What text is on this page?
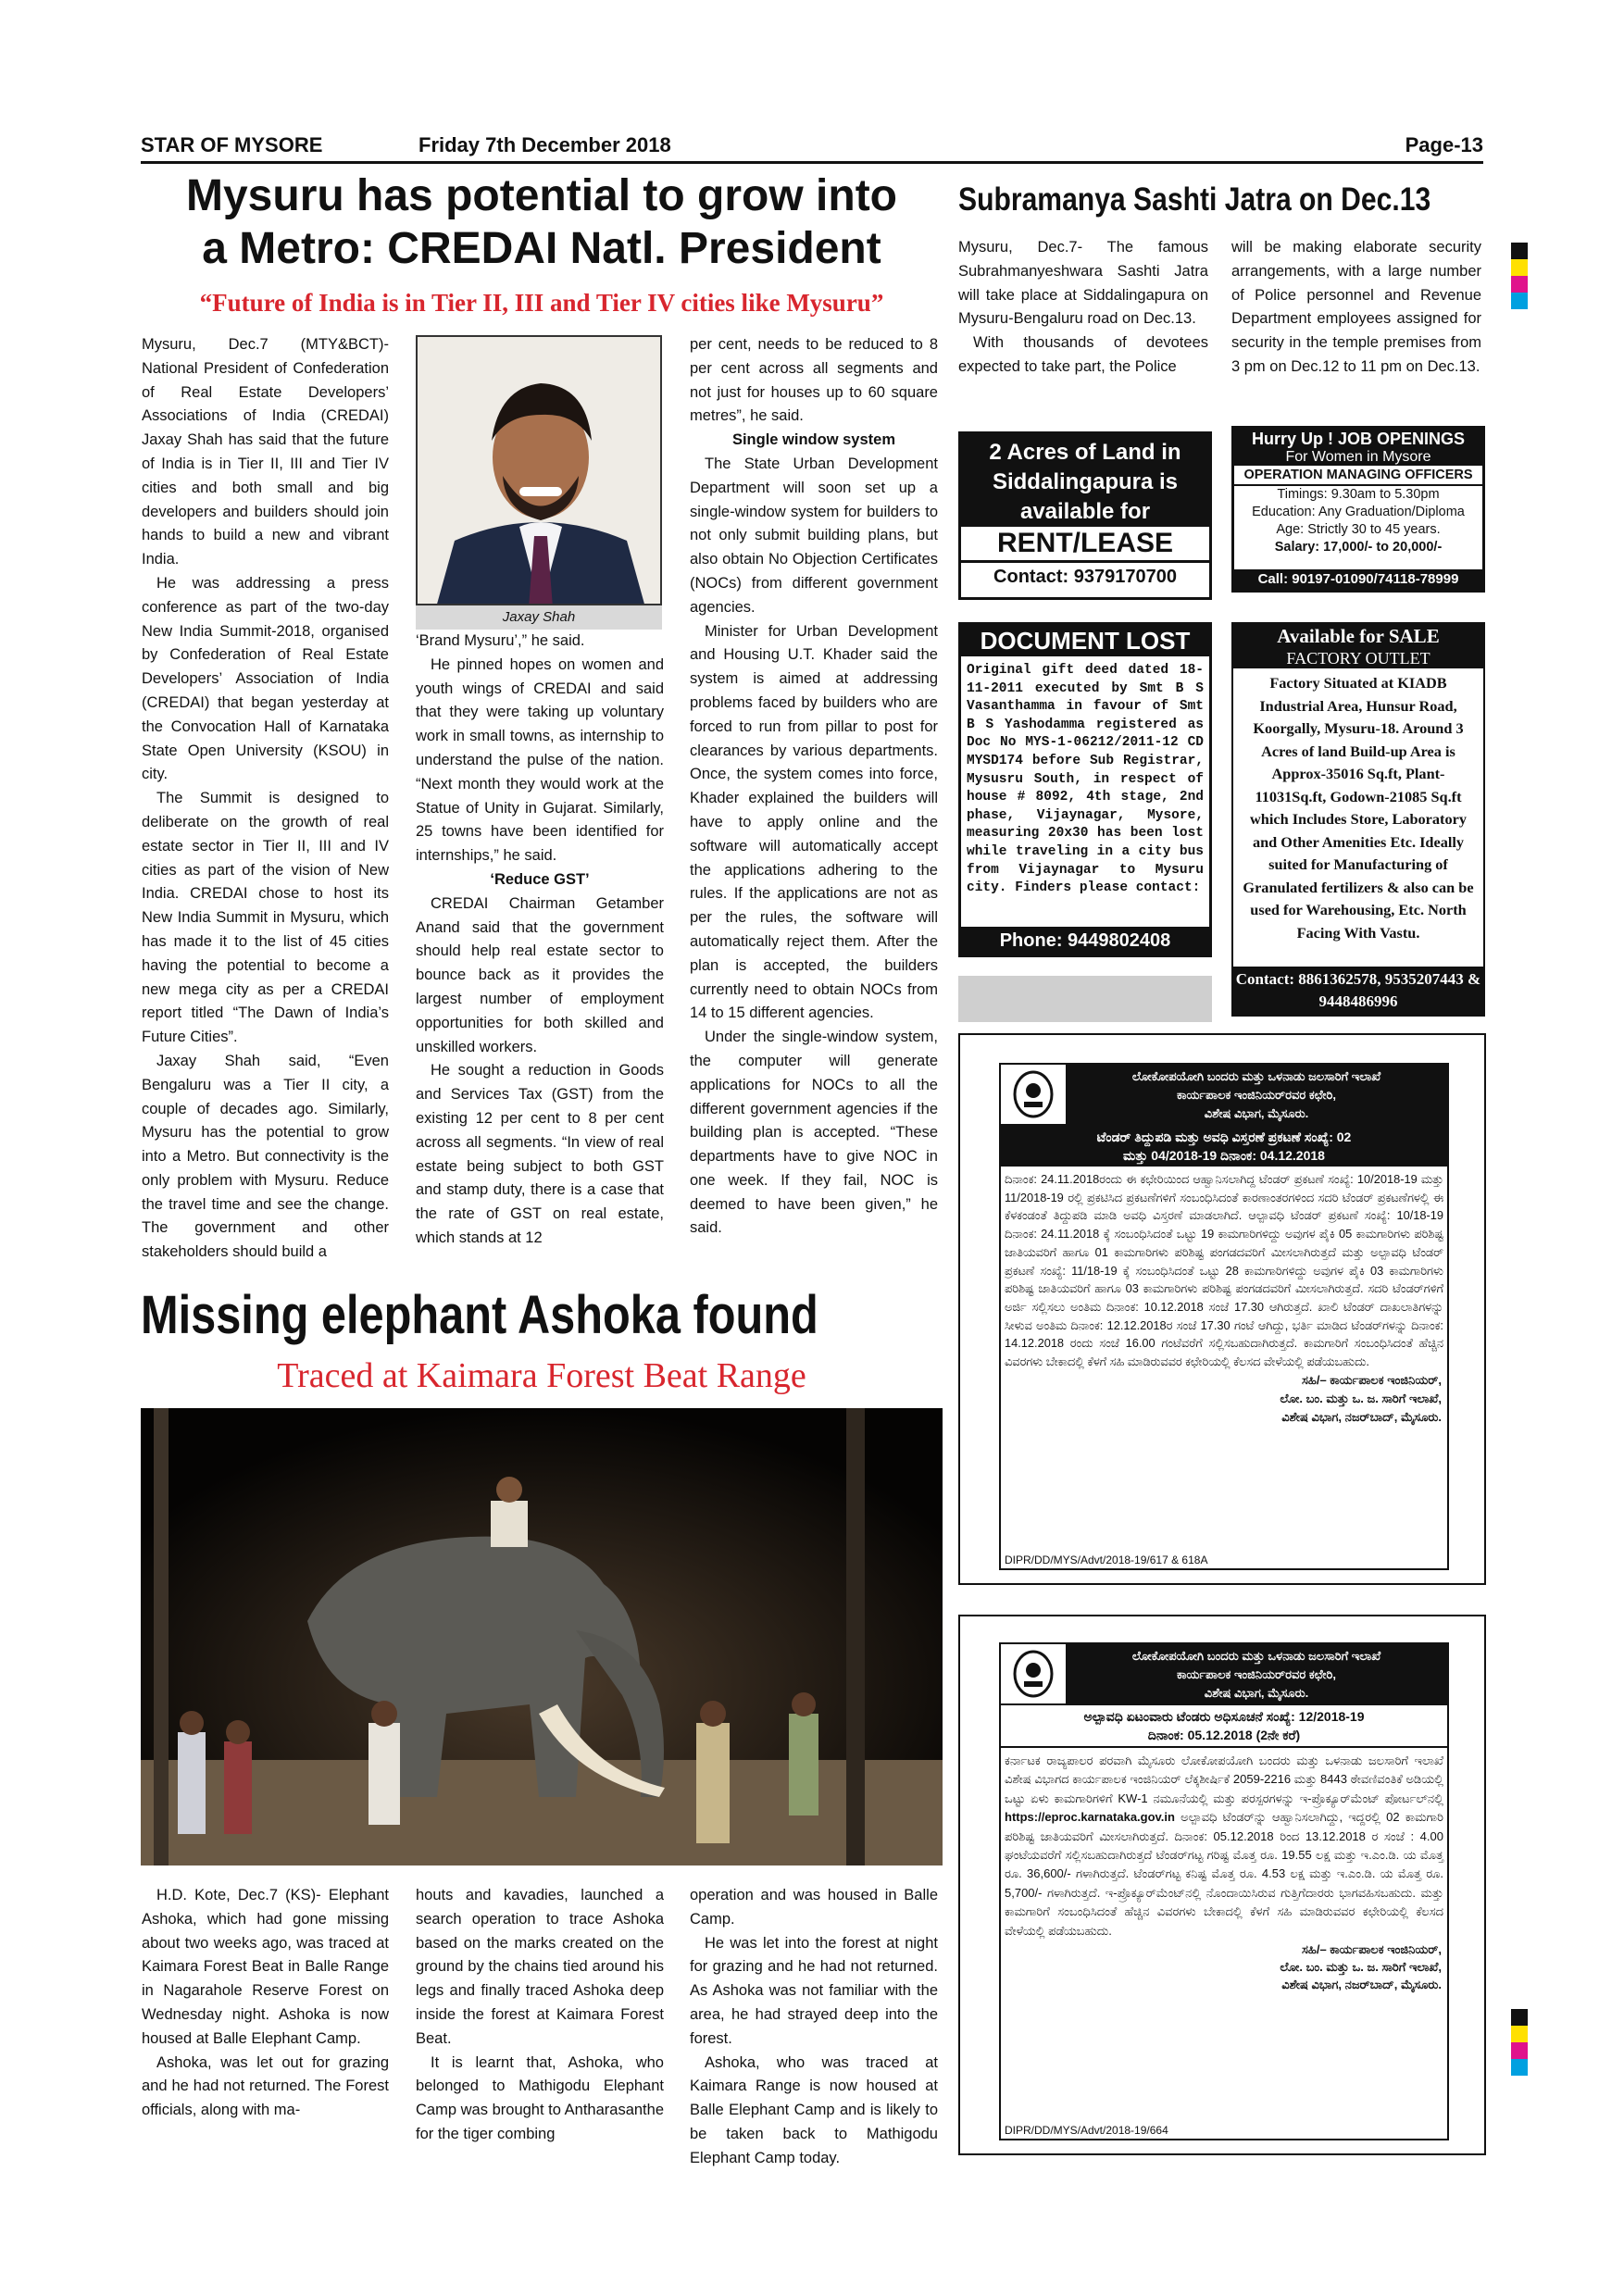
STAR OF MYSORE	Friday 7th December 2018	Page-13
Mysuru has potential to grow into
a Metro: CREDAI Natl. President
“Future of India is in Tier II, III and Tier IV cities like Mysuru”

Mysuru, Dec.7 (MTY&BCT)- National President of Confederation of Real Estate Developers’ Associations of India (CREDAI) Jaxay Shah has said that the future of India is in Tier II, III and Tier IV cities and both small and big developers and builders should join hands to build a new and vibrant India.

He was addressing a press conference as part of the two-day New India Summit-2018, organised by Confederation of Real Estate Developers’ Association of India (CREDAI) that began yesterday at the Convocation Hall of Karnataka State Open University (KSOU) in city.

The Summit is designed to deliberate on the growth of real estate sector in Tier II, III and IV cities as part of the vision of New India. CREDAI chose to host its New India Summit in Mysuru, which has made it to the list of 45 cities having the potential to become a new mega city as per a CREDAI report titled “The Dawn of India’s Future Cities”.

Jaxay Shah said, “Even Bengaluru was a Tier II city, a couple of decades ago. Similarly, Mysuru has the potential to grow into a Metro. But connectivity is the only problem with Mysuru. Reduce the travel time and see the change. The government and other stakeholders should build a

Jaxay Shah

‘Brand Mysuru’,” he said.

He pinned hopes on women and youth wings of CREDAI and said that they were taking up voluntary work in small towns, as internship to understand the pulse of the nation. “Next month they would work at the Statue of Unity in Gujarat. Similarly, 25 towns have been identified for internships,” he said.

‘Reduce GST’

CREDAI Chairman Getamber Anand said that the government should help real estate sector to bounce back as it provides the largest number of employment opportunities for both skilled and unskilled workers.

He sought a reduction in Goods and Services Tax (GST) from the existing 12 per cent to 8 per cent across all segments. “In view of real estate being subject to both GST and stamp duty, there is a case that the rate of GST on real estate, which stands at 12

per cent, needs to be reduced to 8 per cent across all segments and not just for houses up to 60 square metres”, he said.

Single window system

The State Urban Development Department will soon set up a single-window system for builders to not only submit building plans, but also obtain No Objection Certificates (NOCs) from different government agencies.

Minister for Urban Development and Housing U.T. Khader said the system is aimed at addressing problems faced by builders who are forced to run from pillar to post for clearances by various departments. Once, the system comes into force, Khader explained the builders will have to apply online and the software will automatically accept the applications adhering to the rules. If the applications are not as per the rules, the software will automatically reject them. After the plan is accepted, the builders currently need to obtain NOCs from 14 to 15 different agencies.

Under the single-window system, the computer will generate applications for NOCs to all the different government agencies if the building plan is accepted. “These departments have to give NOC in one week. If they fail, NOC is deemed to have been given,” he said.

Subramanya Sashti Jatra on Dec.13

Mysuru, Dec.7- The famous Subrahmanyeshwara Sashti Jatra will take place at Siddalingapura on Mysuru-Bengaluru road on Dec.13.

With thousands of devotees expected to take part, the Police

will be making elaborate security arrangements, with a large number of Police personnel and Revenue Department employees assigned for security in the temple premises from 3 pm on Dec.12 to 11 pm on Dec.13.

2 Acres of Land in
Siddalingapura is
available for
RENT/LEASE
Contact: 9379170700
Hurry Up ! JOB OPENINGS
For Women in Mysore
OPERATION MANAGING OFFICERS
Timings: 9.30am to 5.30pm
Education: Any Graduation/Diploma
Age: Strictly 30 to 45 years.
Salary: 17,000/- to 20,000/-
Call: 90197-01090/74118-78999
DOCUMENT LOST
Original gift deed dated 18-11-2011 executed by Smt B S Vasanthamma in favour of Smt B S Yashodamma registered as Doc No MYS-1-06212/2011-12 CD MYSD174 before Sub Registrar, Mysusru South, in respect of house # 8092, 4th stage, 2nd phase, Vijaynagar, Mysore, measuring 20x30 has been lost while traveling in a city bus from Vijaynagar to Mysuru city. Finders please contact:
Phone: 9449802408
Available for SALE
FACTORY OUTLET
Factory Situated at KIADB Industrial Area, Hunsur Road, Koorgally, Mysuru-18. Around 3 Acres of land Build-up Area is Approx-35016 Sq.ft, Plant-11031Sq.ft, Godown-21085 Sq.ft which Includes Store, Laboratory and Other Amenities Etc. Ideally suited for Manufacturing of Granulated fertilizers & also can be used for Warehousing, Etc. North Facing With Vastu.
Contact: 8861362578, 9535207443 & 9448486996
ಲೋಕೋಪಯೋಗಿ ಬಂದರು ಮತ್ತು ಒಳನಾಡು ಜಲಸಾರಿಗೆ ಇಲಾಖೆ
ಕಾರ್ಯಪಾಲಕ ಇಂಜಿನಿಯರ್‌ರವರ ಕಛೇರಿ,
ವಿಶೇಷ ವಿಭಾಗ, ಮೈಸೂರು.
ಟೆಂಡರ್ ತಿದ್ದುಪಡಿ ಮತ್ತು ಅವಧಿ ವಿಸ್ತರಣೆ ಪ್ರಕಟಣೆ ಸಂಖ್ಯೆ: 02
ಮತ್ತು 04/2018-19 ದಿನಾಂಕ: 04.12.2018
ದಿನಾಂಕ: 24.11.2018ರಂದು ಈ ಕಛೇರಿಯಿಂದ ಆಹ್ವಾನಿಸಲಾಗಿದ್ದ ಟೆಂಡರ್ ಪ್ರಕಟಣೆ ಸಂಖ್ಯೆ: 10/2018-19 ಮತ್ತು 11/2018-19 ರಲ್ಲಿ ಪ್ರಕಟಿಸಿದ ಪ್ರಕಟಣೆಗಳಿಗೆ ಸಂಬಂಧಿಸಿದಂತೆ ಕಾರಣಾಂತರಗಳಿಂದ ಸದರಿ ಟೆಂಡರ್ ಪ್ರಕಟಣೆಗಳಲ್ಲಿ ಈ ಕೆಳಕಂಡಂತೆ ತಿದ್ದುಪಡಿ ಮಾಡಿ ಅವಧಿ ವಿಸ್ತರಣೆ ಮಾಡಲಾಗಿದೆ. ಆಲ್ಪಾವಧಿ ಟೆಂಡರ್ ಪ್ರಕಟಣೆ ಸಂಖ್ಯೆ: 10/18-19 ದಿನಾಂಕ: 24.11.2018 ಕ್ಕೆ ಸಂಬಂಧಿಸಿದಂತೆ ಒಟ್ಟು 19 ಕಾಮಗಾರಿಗಳಿದ್ದು ಅವುಗಳ ಪೈಕಿ 05 ಕಾಮಗಾರಿಗಳು ಪರಿಶಿಷ್ಟ ಜಾತಿಯವರಿಗೆ ಹಾಗೂ 01 ಕಾಮಗಾರಿಗಳು ಪರಿಶಿಷ್ಟ ಪಂಗಡದವರಿಗೆ ಮೀಸಲಾಗಿರುತ್ತದೆ ಮತ್ತು ಅಲ್ಪಾವಧಿ ಟೆಂಡರ್ ಪ್ರಕಟಣೆ ಸಂಖ್ಯೆ: 11/18-19 ಕ್ಕೆ ಸಂಬಂಧಿಸಿದಂತೆ ಒಟ್ಟು 28 ಕಾಮಗಾರಿಗಳಿದ್ದು ಅವುಗಳ ಪೈಕಿ 03 ಕಾಮಗಾರಿಗಳು ಪರಿಶಿಷ್ಟ ಜಾತಿಯವರಿಗೆ ಹಾಗೂ 03 ಕಾಮಗಾರಿಗಳು ಪರಿಶಿಷ್ಟ ಪಂಗಡದವರಿಗೆ ಮೀಸಲಾಗಿರುತ್ತದೆ. ಸದರಿ ಟೆಂಡರ್‌ಗಳಿಗೆ ಅರ್ಜಿ ಸಲ್ಲಿಸಲು ಅಂತಿಮ ದಿನಾಂಕ: 10.12.2018 ಸಂಜೆ 17.30 ಆಗಿರುತ್ತದೆ. ಖಾಲಿ ಟೆಂಡರ್ ದಾಖಲಾತಿಗಳನ್ನು ಸೀಳುವ ಅಂತಿಮ ದಿನಾಂಕ: 12.12.2018ರ ಸಂಜೆ 17.30 ಗಂಟೆ ಆಗಿದ್ದು, ಭರ್ತಿ ಮಾಡಿದ ಟೆಂಡರ್‌ಗಳನ್ನು ದಿನಾಂಕ: 14.12.2018 ರಂದು ಸಂಜೆ 16.00 ಗಂಟೆವರೆಗೆ ಸಲ್ಲಿಸಬಹುದಾಗಿರುತ್ತದೆ. ಕಾಮಗಾರಿಗೆ ಸಂಬಂಧಿಸಿದಂತೆ ಹೆಚ್ಚಿನ ವಿವರಗಳು ಬೇಕಾದಲ್ಲಿ ಕೆಳಗೆ ಸಹಿ ಮಾಡಿರುವವರ ಕಛೇರಿಯಲ್ಲಿ ಕೆಲಸದ ವೇಳೆಯಲ್ಲಿ ಪಡೆಯಬಹುದು.
ಸಹಿ/– ಕಾರ್ಯಪಾಲಕ ಇಂಜಿನಿಯರ್,
ಲೋ. ಬಂ. ಮತ್ತು ಒ. ಜ. ಸಾರಿಗೆ ಇಲಾಖೆ,
ವಿಶೇಷ ವಿಭಾಗ, ನಜರ್‌ಬಾದ್, ಮೈಸೂರು.
DIPR/DD/MYS/Advt/2018-19/617 & 618A
ಲೋಕೋಪಯೋಗಿ ಬಂದರು ಮತ್ತು ಒಳನಾಡು ಜಲಸಾರಿಗೆ ಇಲಾಖೆ
ಕಾರ್ಯಪಾಲಕ ಇಂಜಿನಿಯರ್‌ರವರ ಕಛೇರಿ,
ವಿಶೇಷ ವಿಭಾಗ, ಮೈಸೂರು.
ಅಲ್ಪಾವಧಿ ಏಟಂವಾರು ಟೆಂಡರು ಅಧಿಸೂಚನೆ ಸಂಖ್ಯೆ: 12/2018-19
ದಿನಾಂಕ: 05.12.2018 (2ನೇ ಕರೆ)
ಕರ್ನಾಟಕ ರಾಜ್ಯಪಾಲರ ಪರವಾಗಿ ಮೈಸೂರು ಲೋಕೋಪಯೋಗಿ ಬಂದರು ಮತ್ತು ಒಳನಾಡು ಜಲಸಾರಿಗೆ ಇಲಾಖೆ ವಿಶೇಷ ವಿಭಾಗದ ಕಾರ್ಯಪಾಲಕ ಇಂಜಿನಿಯರ್ ಲೆಕ್ಕಶೀರ್ಷಿಕೆ 2059-2216 ಮತ್ತು 8443 ಠೇವಣಿವಂತಿಕೆ ಅಡಿಯಲ್ಲಿ ಒಟ್ಟು ಏಳು ಕಾಮಗಾರಿಗಳಿಗೆ KW-1 ನಮೂನೆಯಲ್ಲಿ ಮತ್ತು ಪರಸ್ಪರಗಳನ್ನು ಇ-ಪ್ರೊಕ್ಯೂರ್‌ಮೆಂಟ್ ಪೋರ್ಟಲ್‌ನಲ್ಲಿ https://eproc.karnataka.gov.in ಅಲ್ಪಾವಧಿ ಟೆಂಡರ್‌ನ್ನು ಆಹ್ವಾನಿಸಲಾಗಿದ್ದು, ಇದ್ದರಲ್ಲಿ 02 ಕಾಮಗಾರಿ ಪರಿಶಿಷ್ಟ ಜಾತಿಯವರಿಗೆ ಮೀಸಲಾಗಿರುತ್ತದೆ. ದಿನಾಂಕ: 05.12.2018 ರಿಂದ 13.12.2018 ರ ಸಂಜೆ : 4.00 ಘಂಟೆಯವರೆಗೆ ಸಲ್ಲಿಸಬಹುದಾಗಿರುತ್ತದೆ ಟೆಂಡರ್‌ಗಟ್ಟ ಗರಿಷ್ಟ ಮೊತ್ತ ರೂ. 19.55 ಲಕ್ಷ ಮತ್ತು ಇ.ಎಂ.ಡಿ. ಯ ಮೊತ್ತ ರೂ. 36,600/- ಗಳಾಗಿರುತ್ತದೆ. ಟೆಂಡರ್‌ಗಟ್ಟ ಕನಿಷ್ಟ ಮೊತ್ತ ರೂ. 4.53 ಲಕ್ಷ ಮತ್ತು ಇ.ಎಂ.ಡಿ. ಯ ಮೊತ್ತ ರೂ. 5,700/- ಗಳಾಗಿರುತ್ತದೆ. ಇ-ಪ್ರೊಕ್ಯೂರ್‌ಮೆಂಟ್‌ನಲ್ಲಿ ನೊಂದಾಯಿಸಿರುವ ಗುತ್ತಿಗೆದಾರರು ಭಾಗವಹಿಸಬಹುದು. ಮತ್ತು ಕಾಮಗಾರಿಗೆ ಸಂಬಂಧಿಸಿದಂತೆ ಹೆಚ್ಚಿನ ವಿವರಗಳು ಬೇಕಾದಲ್ಲಿ ಕೆಳಗೆ ಸಹಿ ಮಾಡಿರುವವರ ಕಛೇರಿಯಲ್ಲಿ ಕೆಲಸದ ವೇಳೆಯಲ್ಲಿ ಪಡೆಯಬಹುದು.
ಸಹಿ/– ಕಾರ್ಯಪಾಲಕ ಇಂಜಿನಿಯರ್,
ಲೋ. ಬಂ. ಮತ್ತು ಒ. ಜ. ಸಾರಿಗೆ ಇಲಾಖೆ,
ವಿಶೇಷ ವಿಭಾಗ, ನಜರ್‌ಬಾದ್, ಮೈಸೂರು.
DIPR/DD/MYS/Advt/2018-19/664
Missing elephant Ashoka found
Traced at Kaimara Forest Beat Range

H.D. Kote, Dec.7 (KS)- Elephant Ashoka, which had gone missing about two weeks ago, was traced at Kaimara Forest Beat in Balle Range in Nagarahole Reserve Forest on Wednesday night. Ashoka is now housed at Balle Elephant Camp.

Ashoka, was let out for grazing and he had not returned. The Forest officials, along with ma-

houts and kavadies, launched a search operation to trace Ashoka based on the marks created on the ground by the chains tied around his legs and finally traced Ashoka deep inside the forest at Kaimara Forest Beat.

It is learnt that, Ashoka, who belonged to Mathigodu Elephant Camp was brought to Antharasanthe for the tiger combing

operation and was housed in Balle Camp.

He was let into the forest at night for grazing and he had not returned. As Ashoka was not familiar with the area, he had strayed deep into the forest.

Ashoka, who was traced at Kaimara Range is now housed at Balle Elephant Camp and is likely to be taken back to Mathigodu Elephant Camp today.
